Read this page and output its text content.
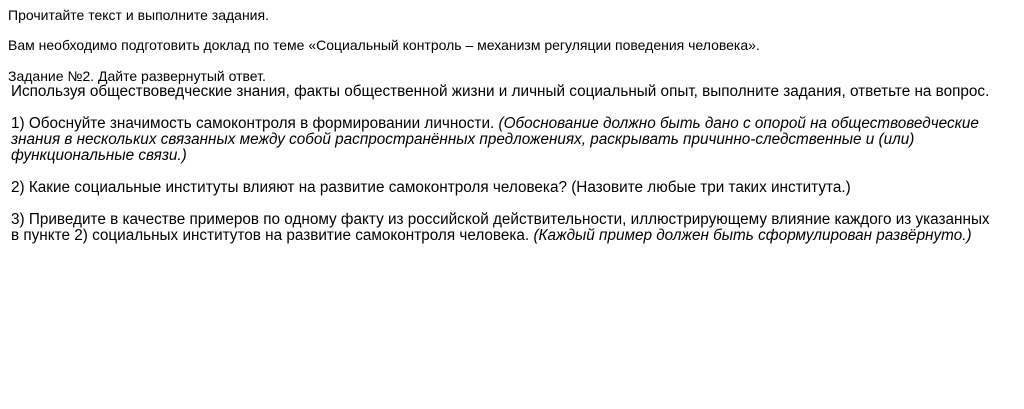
Прочитайте текст и выполните задания.
Вам необходимо подготовить доклад по теме «Социальный контроль – механизм регуляции поведения человека».
Задание №2. Дайте развернутый ответ.

Используя обществоведческие знания, факты общественной жизни и личный социальный опыт, выполните задания, ответьте на вопрос.

1) Обоснуйте значимость самоконтроля в формировании личности. (Обоснование должно быть дано с опорой на обществоведческие знания в нескольких связанных между собой распространённых предложениях, раскрывать причинно-следственные и (или) функциональные связи.)

2) Какие социальные институты влияют на развитие самоконтроля человека? (Назовите любые три таких института.)

3) Приведите в качестве примеров по одному факту из российской действительности, иллюстрирующему влияние каждого из указанных
в пункте 2) социальных институтов на развитие самоконтроля человека. (Каждый пример должен быть сформулирован развёрнуто.)
